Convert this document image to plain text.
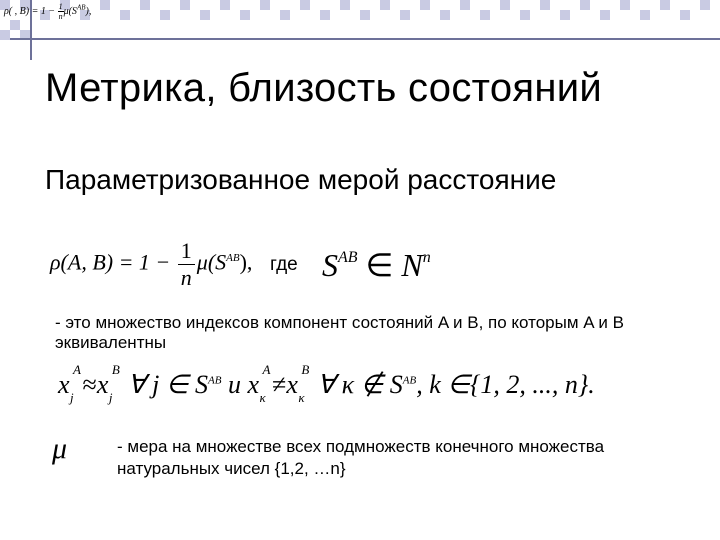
ρ( , $B) = 1 - \frac{1}{n}\mu(S^{AB})$,
Метрика, близость состояний
Параметризованное мерой расстояние
ρ(A, $B) = 1 - \frac{1}{n} \mu(S^{AB})$, где $S^{AB}$ ∈ $N^n$
- это множество индексов компонент состояний A и B, по которым A и B эквивалентны
x
A
j ≈x
B
j ∀ j ∈ $S^{AB}$ u x
A
κ ≠x
B
κ ∀ κ ∉ $S^{AB}$, k ∈{1, 2, ..., n}.
μ	- мера на множестве всех подмножеств конечного множества натуральных чисел {1,2, …n}
